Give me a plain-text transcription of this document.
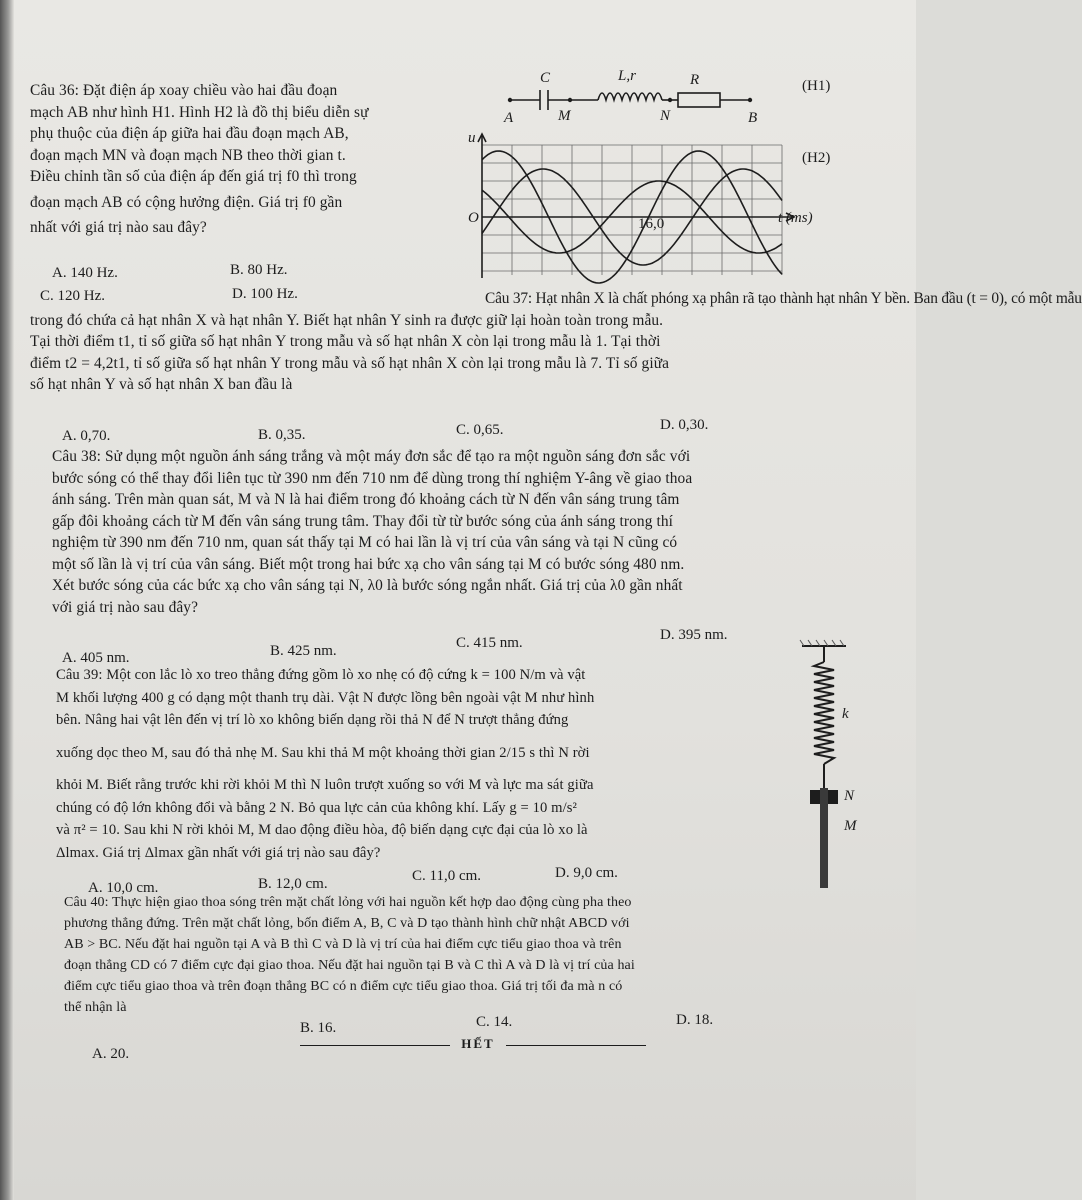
Câu 36: Đặt điện áp xoay chiều vào hai đầu đoạn
mạch AB như hình H1. Hình H2 là đồ thị biểu diễn sự
phụ thuộc của điện áp giữa hai đầu đoạn mạch AB,
đoạn mạch MN và đoạn mạch NB theo thời gian t.
Điều chỉnh tần số của điện áp đến giá trị f0 thì trong
đoạn mạch AB có cộng hưởng điện. Giá trị f0 gần
nhất với giá trị nào sau đây?
A. 140 Hz.	B. 80 Hz.
C. 120 Hz.	D. 100 Hz.
C	L,r	R
A	M	N	B
(H1)
u
O	16,0	t (ms)
(H2)
Câu 37: Hạt nhân X là chất phóng xạ phân rã tạo thành hạt nhân Y bền. Ban đầu (t = 0), có một mẫu
trong đó chứa cả hạt nhân X và hạt nhân Y. Biết hạt nhân Y sinh ra được giữ lại hoàn toàn trong mẫu.
Tại thời điểm t1, tỉ số giữa số hạt nhân Y trong mẫu và số hạt nhân X còn lại trong mẫu là 1. Tại thời
điểm t2 = 4,2t1, tỉ số giữa số hạt nhân Y trong mẫu và số hạt nhân X còn lại trong mẫu là 7. Tỉ số giữa
số hạt nhân Y và số hạt nhân X ban đầu là
A. 0,70.	B. 0,35.	C. 0,65.	D. 0,30.
Câu 38: Sử dụng một nguồn ánh sáng trắng và một máy đơn sắc để tạo ra một nguồn sáng đơn sắc với
bước sóng có thể thay đổi liên tục từ 390 nm đến 710 nm để dùng trong thí nghiệm Y-âng về giao thoa
ánh sáng. Trên màn quan sát, M và N là hai điểm trong đó khoảng cách từ N đến vân sáng trung tâm
gấp đôi khoảng cách từ M đến vân sáng trung tâm. Thay đổi từ từ bước sóng của ánh sáng trong thí
nghiệm từ 390 nm đến 710 nm, quan sát thấy tại M có hai lần là vị trí của vân sáng và tại N cũng có
một số lần là vị trí của vân sáng. Biết một trong hai bức xạ cho vân sáng tại M có bước sóng 480 nm.
Xét bước sóng của các bức xạ cho vân sáng tại N, λ0 là bước sóng ngắn nhất. Giá trị của λ0 gần nhất
với giá trị nào sau đây?
A. 405 nm.	B. 425 nm.	C. 415 nm.	D. 395 nm.
Câu 39: Một con lắc lò xo treo thẳng đứng gồm lò xo nhẹ có độ cứng k = 100 N/m và vật
M khối lượng 400 g có dạng một thanh trụ dài. Vật N được lồng bên ngoài vật M như hình
bên. Nâng hai vật lên đến vị trí lò xo không biến dạng rồi thả N để N trượt thẳng đứng
xuống dọc theo M, sau đó thả nhẹ M. Sau khi thả M một khoảng thời gian 2/15 s thì N rời
khỏi M. Biết rằng trước khi rời khỏi M thì N luôn trượt xuống so với M và lực ma sát giữa
chúng có độ lớn không đổi và bằng 2 N. Bỏ qua lực cản của không khí. Lấy g = 10 m/s²
và π² = 10. Sau khi N rời khỏi M, M dao động điều hòa, độ biến dạng cực đại của lò xo là
Δlmax. Giá trị Δlmax gần nhất với giá trị nào sau đây?
A. 10,0 cm.	B. 12,0 cm.	C. 11,0 cm.	D. 9,0 cm.
k
N
M
Câu 40: Thực hiện giao thoa sóng trên mặt chất lỏng với hai nguồn kết hợp dao động cùng pha theo
phương thẳng đứng. Trên mặt chất lỏng, bốn điểm A, B, C và D tạo thành hình chữ nhật ABCD với
AB > BC. Nếu đặt hai nguồn tại A và B thì C và D là vị trí của hai điểm cực tiểu giao thoa và trên
đoạn thẳng CD có 7 điểm cực đại giao thoa. Nếu đặt hai nguồn tại B và C thì A và D là vị trí của hai
điểm cực tiểu giao thoa và trên đoạn thẳng BC có n điểm cực tiểu giao thoa. Giá trị tối đa mà n có
thể nhận là
A. 20.
B. 16.	C. 14.	D. 18.
HẾT
